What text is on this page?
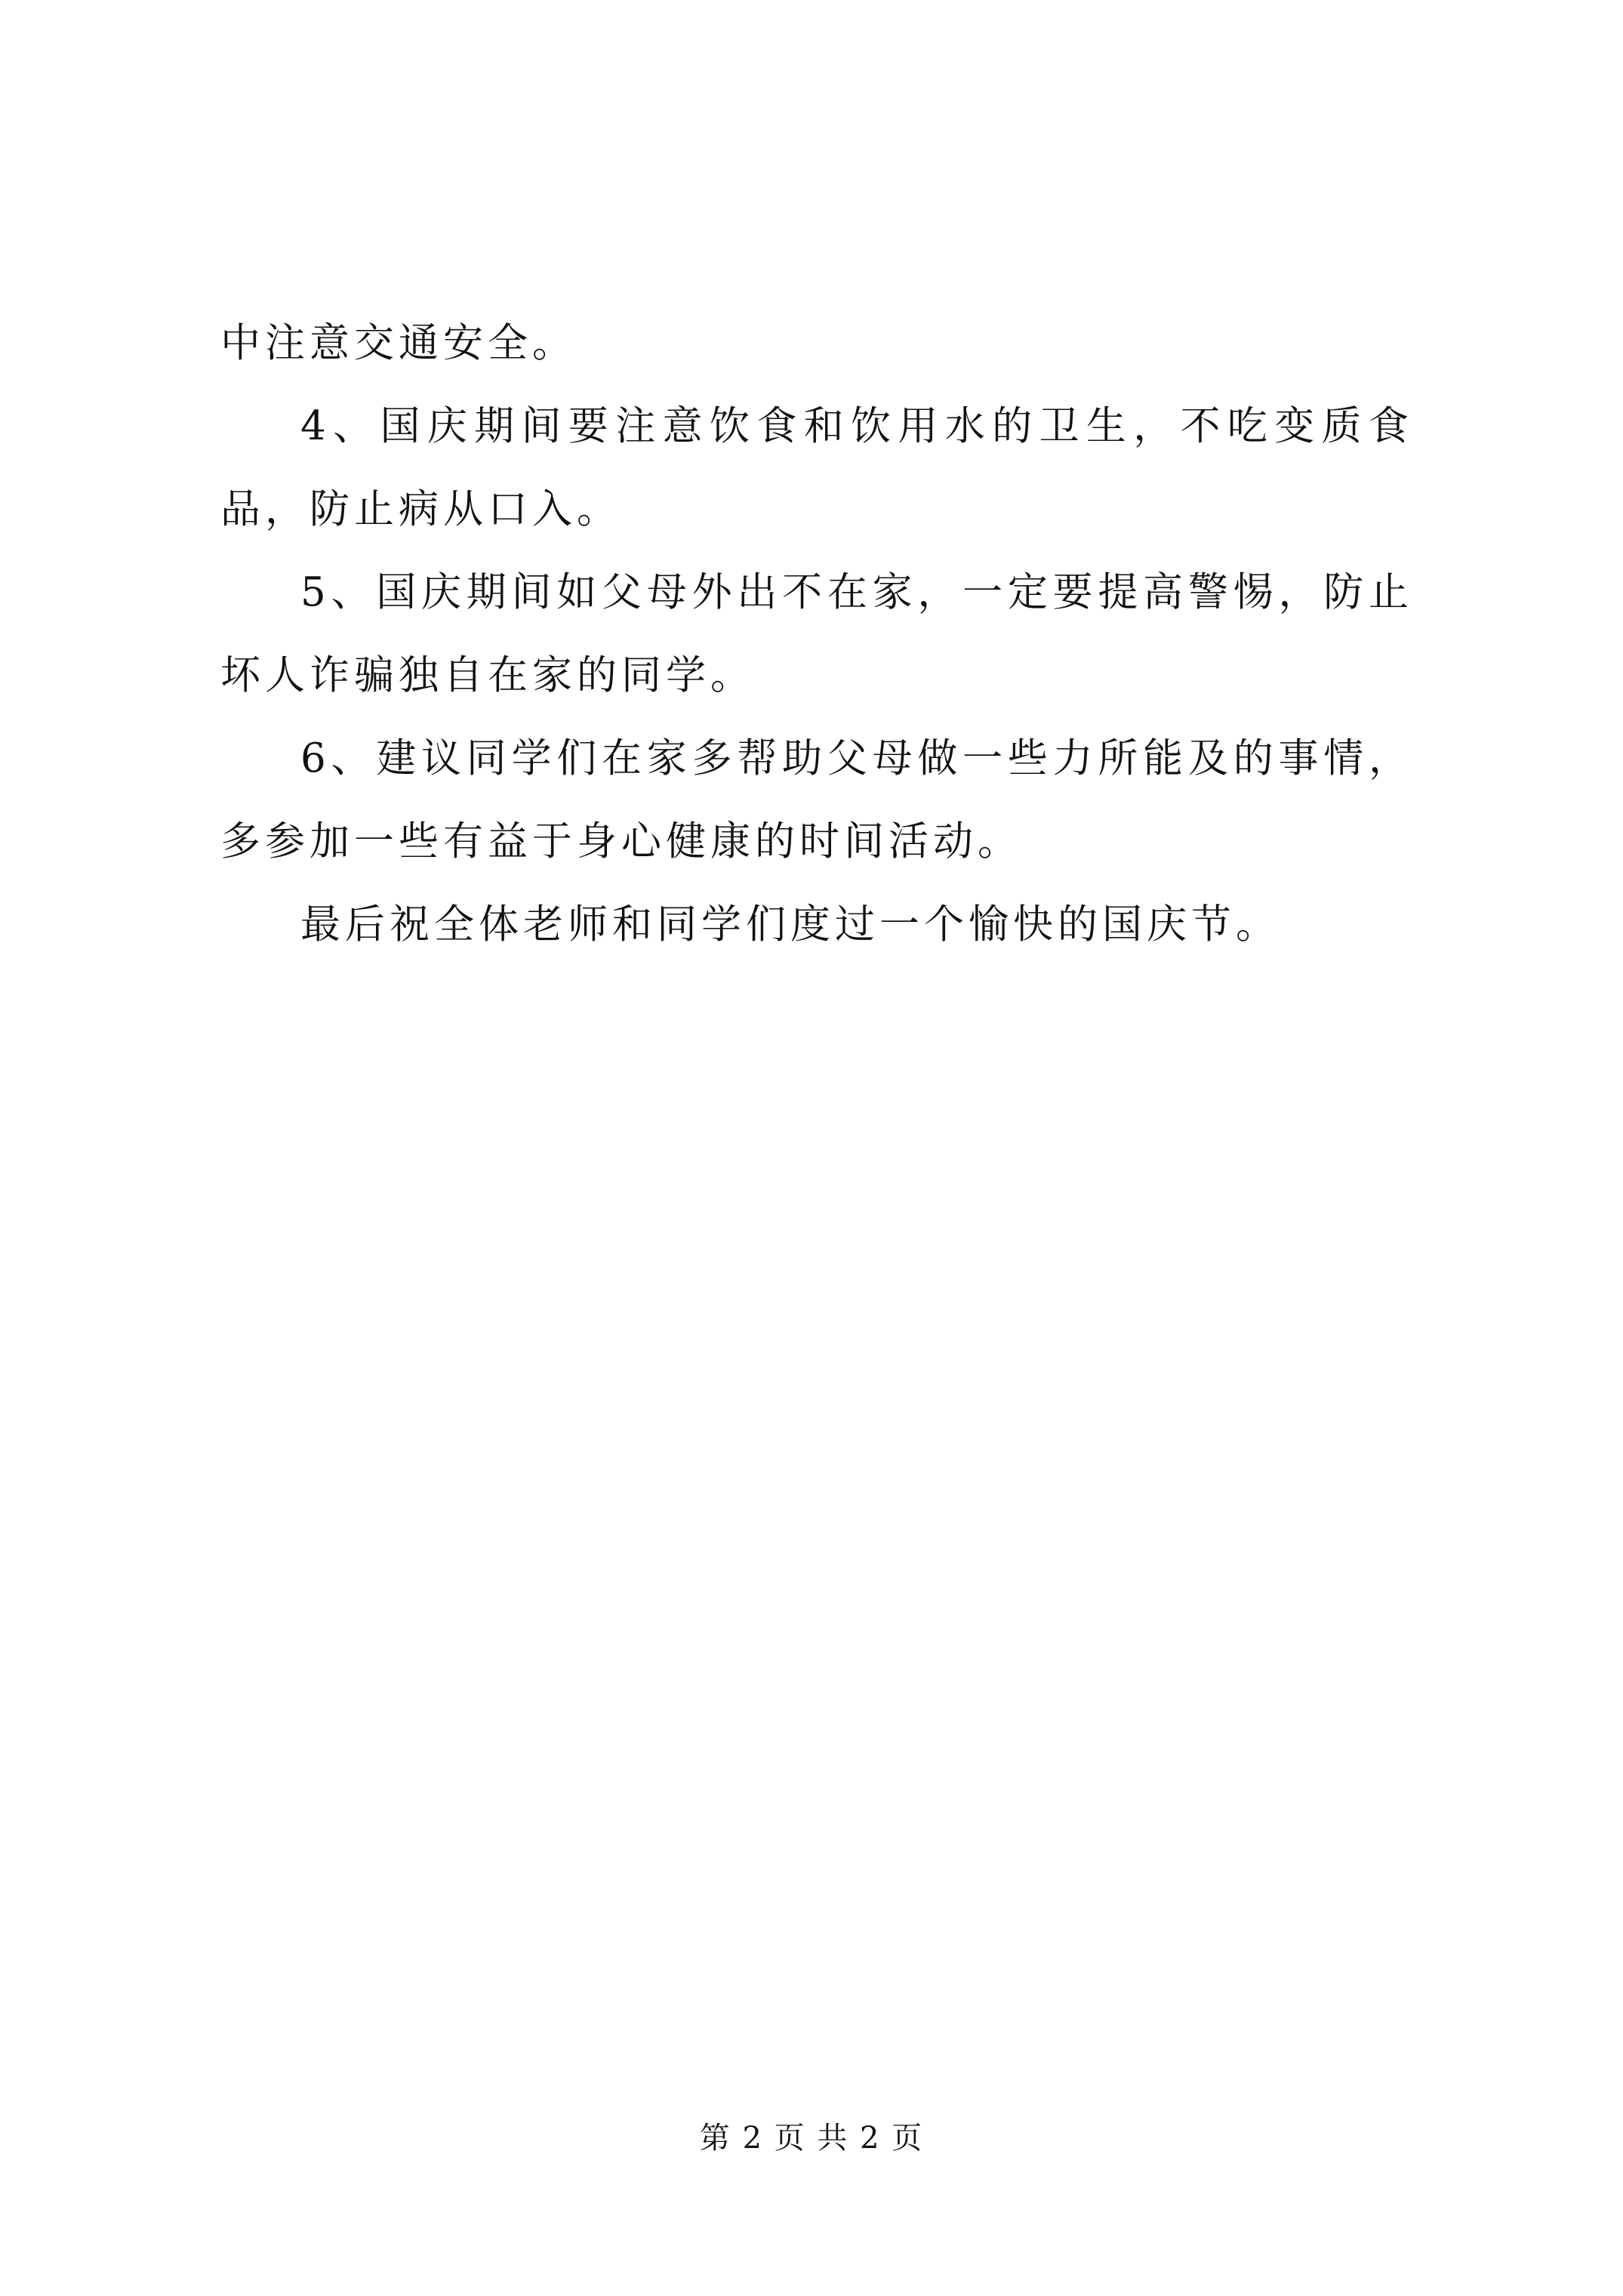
中注意交通安全。

4、国庆期间要注意饮食和饮用水的卫生，不吃变质食品，防止病从口入。

5、国庆期间如父母外出不在家，一定要提高警惕，防止坏人诈骗独自在家的同学。

6、建议同学们在家多帮助父母做一些力所能及的事情，多参加一些有益于身心健康的时间活动。

最后祝全体老师和同学们度过一个愉快的国庆节。

第 2 页 共 2 页
